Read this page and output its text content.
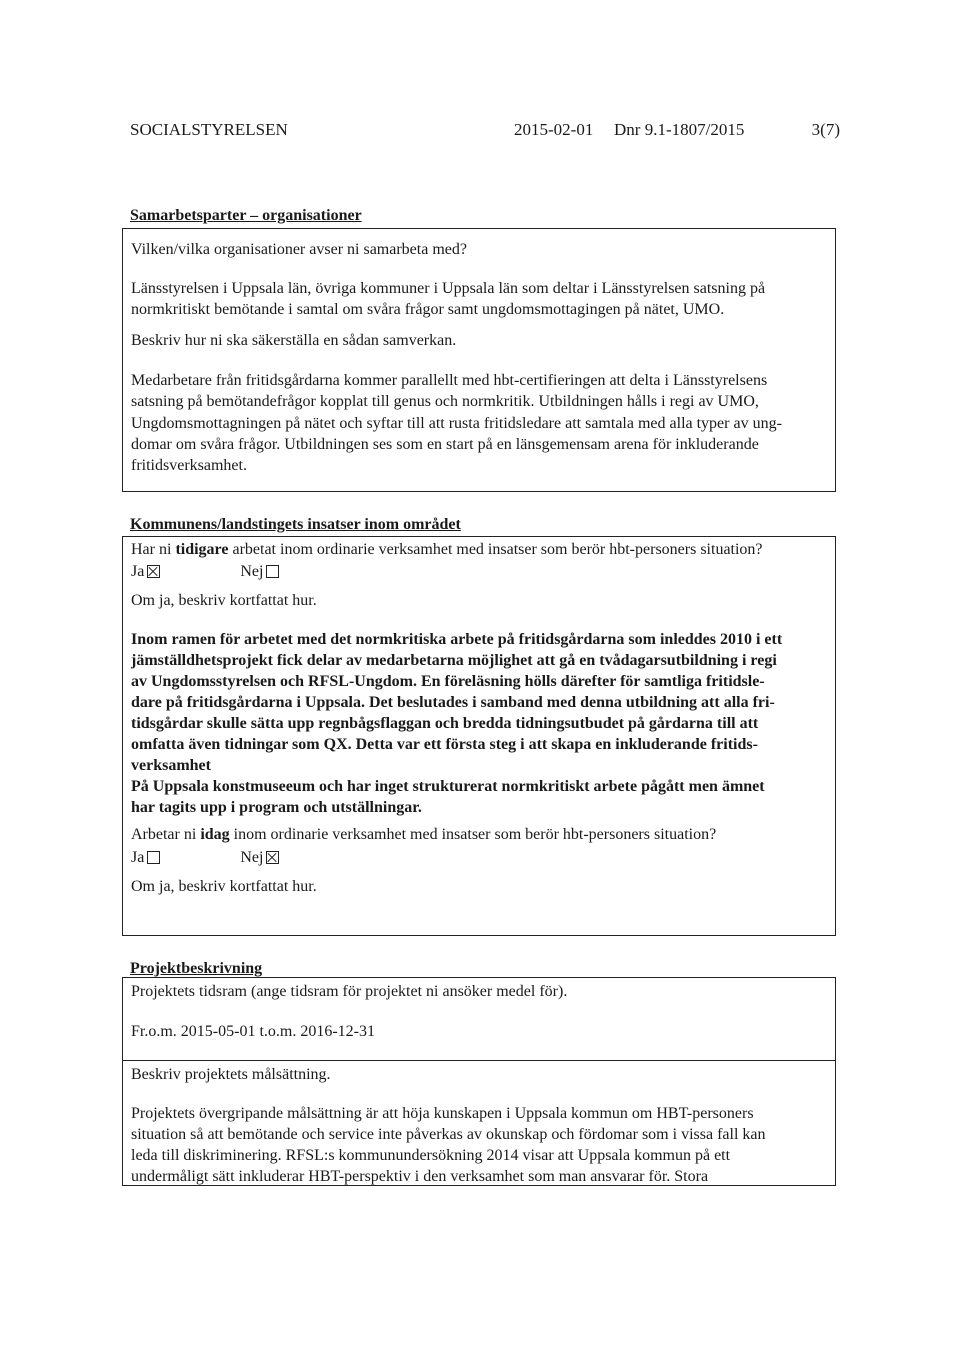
SOCIALSTYRELSEN	2015-02-01 Dnr 9.1-1807/2015	3(7)
Samarbetsparter – organisationer
Vilken/vilka organisationer avser ni samarbeta med?
Länsstyrelsen i Uppsala län, övriga kommuner i Uppsala län som deltar i Länsstyrelsen satsning på
normkritiskt bemötande i samtal om svåra frågor samt ungdomsmottagingen på nätet, UMO.
Beskriv hur ni ska säkerställa en sådan samverkan.
Medarbetare från fritidsgårdarna kommer parallellt med hbt-certifieringen att delta i Länsstyrelsens
satsning på bemötandefrågor kopplat till genus och normkritik. Utbildningen hålls i regi av UMO,
Ungdomsmottagningen på nätet och syftar till att rusta fritidsledare att samtala med alla typer av ung-
domar om svåra frågor. Utbildningen ses som en start på en länsgemensam arena för inkluderande
fritidsverksamhet.
Kommunens/landstingets insatser inom området
Har ni tidigare arbetat inom ordinarie verksamhet med insatser som berör hbt-personers situation?
Ja	Nej
Om ja, beskriv kortfattat hur.
Inom ramen för arbetet med det normkritiska arbete på fritidsgårdarna som inleddes 2010 i ett
jämställdhetsprojekt fick delar av medarbetarna möjlighet att gå en tvådagarsutbildning i regi
av Ungdomsstyrelsen och RFSL-Ungdom. En föreläsning hölls därefter för samtliga fritidsle-
dare på fritidsgårdarna i Uppsala. Det beslutades i samband med denna utbildning att alla fri-
tidsgårdar skulle sätta upp regnbågsflaggan och bredda tidningsutbudet på gårdarna till att
omfatta även tidningar som QX. Detta var ett första steg i att skapa en inkluderande fritids-
verksamhet
På Uppsala konstmuseeum och har inget strukturerat normkritiskt arbete pågått men ämnet
har tagits upp i program och utställningar.
Arbetar ni idag inom ordinarie verksamhet med insatser som berör hbt-personers situation?
Ja	Nej
Om ja, beskriv kortfattat hur.
Projektbeskrivning
Projektets tidsram (ange tidsram för projektet ni ansöker medel för).
Fr.o.m. 2015-05-01 t.o.m. 2016-12-31
Beskriv projektets målsättning.
Projektets övergripande målsättning är att höja kunskapen i Uppsala kommun om HBT-personers
situation så att bemötande och service inte påverkas av okunskap och fördomar som i vissa fall kan
leda till diskriminering. RFSL:s kommunundersökning 2014 visar att Uppsala kommun på ett
undermåligt sätt inkluderar HBT-perspektiv i den verksamhet som man ansvarar för. Stora
